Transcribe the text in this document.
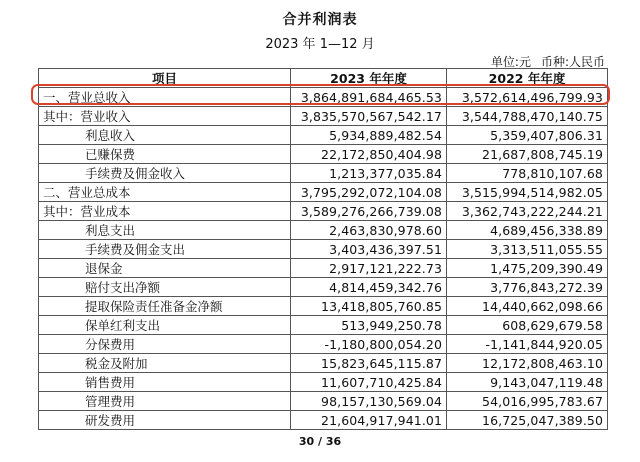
合并利润表
2023 年 1—12 月
单位:元 币种:人民币
项目	2023 年年度	2022 年年度
一、营业总收入	3,864,891,684,465.53	3,572,614,496,799.93
其中：营业收入	3,835,570,567,542.17	3,544,788,470,140.75
利息收入	5,934,889,482.54	5,359,407,806.31
已赚保费	22,172,850,404.98	21,687,808,745.19
手续费及佣金收入	1,213,377,035.84	778,810,107.68
二、营业总成本	3,795,292,072,104.08	3,515,994,514,982.05
其中：营业成本	3,589,276,266,739.08	3,362,743,222,244.21
利息支出	2,463,830,978.60	4,689,456,338.89
手续费及佣金支出	3,403,436,397.51	3,313,511,055.55
退保金	2,917,121,222.73	1,475,209,390.49
赔付支出净额	4,814,459,342.76	3,776,843,272.39
提取保险责任准备金净额	13,418,805,760.85	14,440,662,098.66
保单红利支出	513,949,250.78	608,629,679.58
分保费用	-1,180,800,054.20	-1,141,844,920.05
税金及附加	15,823,645,115.87	12,172,808,463.10
销售费用	11,607,710,425.84	9,143,047,119.48
管理费用	98,157,130,569.04	54,016,995,783.67
研发费用	21,604,917,941.01	16,725,047,389.50
30 / 36
